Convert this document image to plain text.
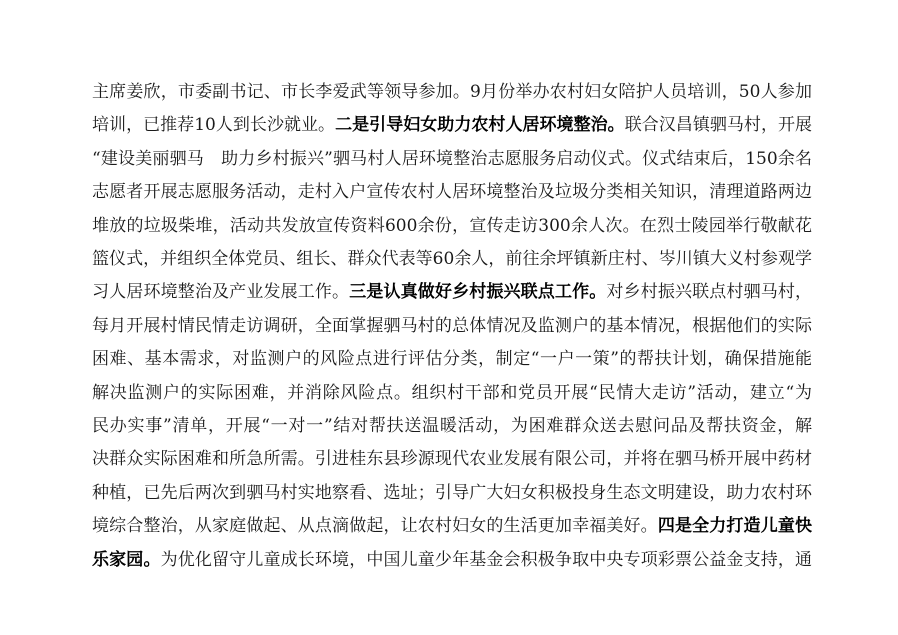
主席姜欣，市委副书记、市长李爱武等领导参加。9月份举办农村妇女陪护人员培训，50人参加
培训，已推荐10人到长沙就业。二是引导妇女助力农村人居环境整治。联合汉昌镇驷马村，开展
“建设美丽驷马　助力乡村振兴”驷马村人居环境整治志愿服务启动仪式。仪式结束后，150余名
志愿者开展志愿服务活动，走村入户宣传农村人居环境整治及垃圾分类相关知识，清理道路两边
堆放的垃圾柴堆，活动共发放宣传资料600余份，宣传走访300余人次。在烈士陵园举行敬献花
篮仪式，并组织全体党员、组长、群众代表等60余人，前往余坪镇新庄村、岑川镇大义村参观学
习人居环境整治及产业发展工作。三是认真做好乡村振兴联点工作。对乡村振兴联点村驷马村，
每月开展村情民情走访调研，全面掌握驷马村的总体情况及监测户的基本情况，根据他们的实际
困难、基本需求，对监测户的风险点进行评估分类，制定“一户一策”的帮扶计划，确保措施能
解决监测户的实际困难，并消除风险点。组织村干部和党员开展“民情大走访”活动，建立“为
民办实事”清单，开展“一对一”结对帮扶送温暖活动，为困难群众送去慰问品及帮扶资金，解
决群众实际困难和所急所需。引进桂东县珍源现代农业发展有限公司，并将在驷马桥开展中药材
种植，已先后两次到驷马村实地察看、选址；引导广大妇女积极投身生态文明建设，助力农村环
境综合整治，从家庭做起、从点滴做起，让农村妇女的生活更加幸福美好。四是全力打造儿童快
乐家园。为优化留守儿童成长环境，中国儿童少年基金会积极争取中央专项彩票公益金支持，通
